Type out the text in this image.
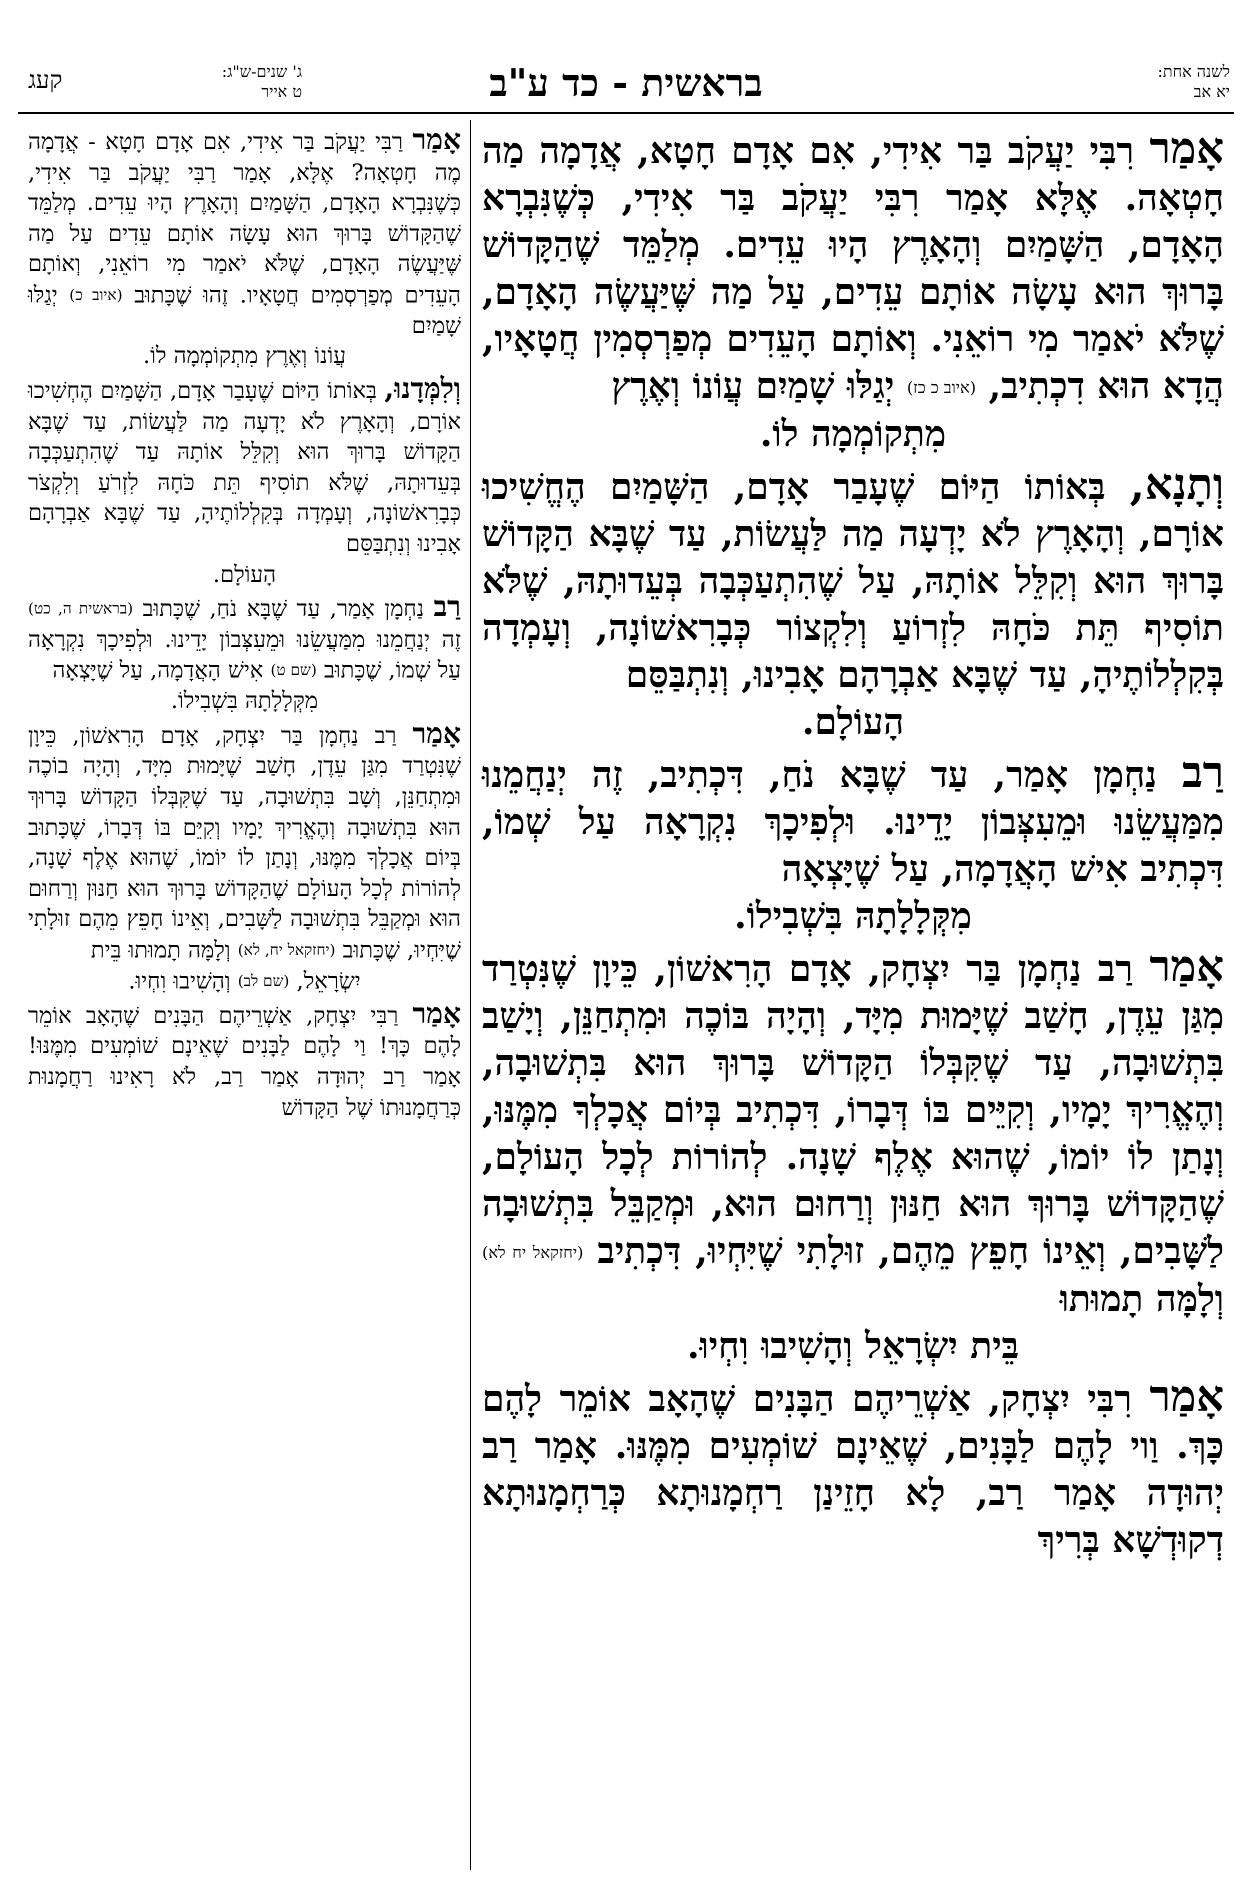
לשנה אחת:
יא אב
בראשית - כד ע"ב
ג' שנים-ש"ג:
ט אייר
קעג

אָמַר רִבִּי יַעֲקֹב בַּר אִידִי, אִם אָדָם חָטָא, אֲדָמָה מַה חָטְאָה. אֶלָּא אָמַר רִבִּי יַעֲקֹב בַּר אִידִי, כְּשֶׁנִּבְרָא הָאָדָם, הַשָּׁמַיִם וְהָאָרֶץ הָיוּ עֵדִים. מְלַמֵּד שֶׁהַקָּדוֹשׁ בָּרוּךְ הוּא עָשָׂה אוֹתָם עֵדִים, עַל מַה שֶּׁיַּעֲשֶׂה הָאָדָם, שֶׁלֹּא יֹאמַר מִי רוֹאֵנִי. וְאוֹתָם הָעֵדִים מְפַרְסְמִין חֲטָאָיו, הֲדָא הוּא דִכְתִיב, (איוב כ כז) יְגַלּוּ שָׁמַיִם עֲוֹנוֹ וְאֶרֶץ
מִתְקוֹמְמָה לוֹ.

וְתָנָא, בְּאוֹתוֹ הַיּוֹם שֶׁעָבַר אָדָם, הַשָּׁמַיִם הֶחֱשִׁיכוּ אוֹרָם, וְהָאָרֶץ לֹא יָדְעָה מַה לַּעֲשׂוֹת, עַד שֶׁבָּא הַקָּדוֹשׁ בָּרוּךְ הוּא וְקִלֵּל אוֹתָהּ, עַל שֶׁהִתְעַכְּבָה בְּעֵדוּתָהּ, שֶׁלֹּא תוֹסִיף תֵּת כֹּחָהּ לִזְרוֹעַ וְלִקְצוֹר כְּבָרִאשׁוֹנָה, וְעָמְדָה בְּקִלְלוֹתֶיהָ, עַד שֶׁבָּא אַבְרָהָם אָבִינוּ, וְנִתְבַּסֵּם
הָעוֹלָם.

רַב נַחְמָן אָמַר, עַד שֶׁבָּא נֹחַ, דִּכְתִיב, זֶה יְנַחֲמֵנוּ מִמַּעֲשֵׂנוּ וּמֵעִצְּבוֹן יָדֵינוּ. וּלְפִיכָךְ נִקְרָאָה עַל שְׁמוֹ, דִּכְתִיב אִישׁ הָאֲדָמָה, עַל שֶׁיָּצְאָה
מִקְּלָלָתָהּ בִּשְׁבִילוֹ.

אָמַר רַב נַחְמָן בַּר יִצְחָק, אָדָם הָרִאשׁוֹן, כֵּיוָן שֶׁנִּטְרַד מִגַּן עֵדֶן, חָשַׁב שֶׁיָּמוּת מִיָּד, וְהָיָה בּוֹכֶה וּמִתְחַנֵּן, וְיָשַׁב בִּתְשׁוּבָה, עַד שֶׁקִּבְּלוֹ הַקָּדוֹשׁ בָּרוּךְ הוּא בִּתְשׁוּבָה, וְהֶאֱרִיךְ יָמָיו, וְקִיֵּים בּוֹ דְּבָרוֹ, דִּכְתִיב בְּיוֹם אֲכָלְךָ מִמֶּנּוּ, וְנָתַן לוֹ יוֹמוֹ, שֶׁהוּא אֶלֶף שָׁנָה. לְהוֹרוֹת לְכָל הָעוֹלָם, שֶׁהַקָּדוֹשׁ בָּרוּךְ הוּא חַנּוּן וְרַחוּם הוּא, וּמְקַבֵּל בִּתְשׁוּבָה לַשָּׁבִים, וְאֵינוֹ חָפֵץ מֵהֶם, זוּלָתִי שֶׁיִּחְיוּ, דִּכְתִיב (יחזקאל יח לא) וְלָמָּה תָמוּתוּ
בֵּית יִשְׂרָאֵל וְהָשִׁיבוּ וִחְיוּ.

אָמַר רִבִּי יִצְחָק, אַשְׁרֵיהֶם הַבָּנִים שֶׁהָאָב אוֹמֵר לָהֶם כָּךְ. וַוי לָהֶם לַבָּנִים, שֶׁאֵינָם שׁוֹמְעִים מִמֶּנּוּ. אָמַר רַב יְהוּדָה אָמַר רַב, לָא חָזֵינַן רַחְמָנוּתָא כְּרַחְמָנוּתָא דְקוּדְשָׁא בְּרִיךְ

אָמַר רַבִּי יַעֲקֹב בַּר אִידִי, אִם אָדָם חָטָא - אֲדָמָה מֶה חָטְאָה? אֶלָּא, אָמַר רַבִּי יַעֲקֹב בַּר אִידִי, כְּשֶׁנִּבְרָא הָאָדָם, הַשָּׁמַיִם וְהָאָרֶץ הָיוּ עֵדִים. מְלַמֵּד שֶׁהַקָּדוֹשׁ בָּרוּךְ הוּא עָשָׂה אוֹתָם עֵדִים עַל מַה שֶּׁיַּעֲשֶׂה הָאָדָם, שֶׁלֹּא יֹאמַר מִי רוֹאֵנִי, וְאוֹתָם הָעֵדִים מְפַרְסְמִים חֲטָאָיו. זֶהוּ שֶׁכָּתוּב (איוב כ) יְגַלּוּ שָׁמַיִם
עֲוֹנוֹ וְאֶרֶץ מִתְקוֹמְמָה לוֹ.

וְלִמְּדָנוּ, בְּאוֹתוֹ הַיּוֹם שֶׁעָבַר אָדָם, הַשָּׁמַיִם הֶחְשִׁיכוּ אוֹרָם, וְהָאָרֶץ לֹא יָדְעָה מַה לַּעֲשׂוֹת, עַד שֶׁבָּא הַקָּדוֹשׁ בָּרוּךְ הוּא וְקִלֵּל אוֹתָהּ עַד שֶׁהִתְעַכְּבָה בְּעֵדוּתָהּ, שֶׁלֹּא תוֹסִיף תֵּת כֹּחָהּ לִזְרֹעַ וְלִקְצֹר כְּבָרִאשׁוֹנָה, וְעָמְדָה בְּקִלְלוֹתֶיהָ, עַד שֶׁבָּא אַבְרָהָם אָבִינוּ וְנִתְבַּסֵּם
הָעוֹלָם.

רַב נַחְמָן אָמַר, עַד שֶׁבָּא נֹחַ, שֶׁכָּתוּב (בראשית ה, כט) זֶה יְנַחֲמֵנוּ מִמַּעֲשֵׂנוּ וּמֵעִצְּבוֹן יָדֵינוּ. וּלְפִיכָךְ נִקְרָאָה עַל שְׁמוֹ, שֶׁכָּתוּב (שם ט) אִישׁ הָאֲדָמָה, עַל שֶׁיָּצְאָה
מִקְּלָלָתָהּ בִּשְׁבִילוֹ.

אָמַר רַב נַחְמָן בַּר יִצְחָק, אָדָם הָרִאשׁוֹן, כֵּיוָן שֶׁנִּטְרַד מִגַּן עֵדֶן, חָשַׁב שֶׁיָּמוּת מִיָּד, וְהָיָה בוֹכֶה וּמִתְחַנֵּן, וְשָׁב בִּתְשׁוּבָה, עַד שֶׁקִּבְּלוֹ הַקָּדוֹשׁ בָּרוּךְ הוּא בִּתְשׁוּבָה וְהֶאֱרִיךְ יָמָיו וְקִיֵּם בּוֹ דְּבָרוֹ, שֶׁכָּתוּב בְּיוֹם אֲכָלְךָ מִמֶּנּוּ, וְנָתַן לוֹ יוֹמוֹ, שֶׁהוּא אֶלֶף שָׁנָה, לְהוֹרוֹת לְכָל הָעוֹלָם שֶׁהַקָּדוֹשׁ בָּרוּךְ הוּא חַנּוּן וְרַחוּם הוּא וּמְקַבֵּל בִּתְשׁוּבָה לַשָּׁבִים, וְאֵינוֹ חָפֵץ מֵהֶם זוּלָתִי שֶׁיִּחְיוּ, שֶׁכָּתוּב (יחזקאל יח, לא) וְלָמָּה תָמוּתוּ בֵּית
יִשְׂרָאֵל, (שם לב) וְהָשִׁיבוּ וִחְיוּ.

אָמַר רַבִּי יִצְחָק, אַשְׁרֵיהֶם הַבָּנִים שֶׁהָאָב אוֹמֵר לָהֶם כָּךְ! וַי לָהֶם לַבָּנִים שֶׁאֵינָם שׁוֹמְעִים מִמֶּנּוּ! אָמַר רַב יְהוּדָה אָמַר רַב, לֹא רָאִינוּ רַחֲמָנוּת כְּרַחֲמָנוּתוֹ שֶׁל הַקָּדוֹשׁ
